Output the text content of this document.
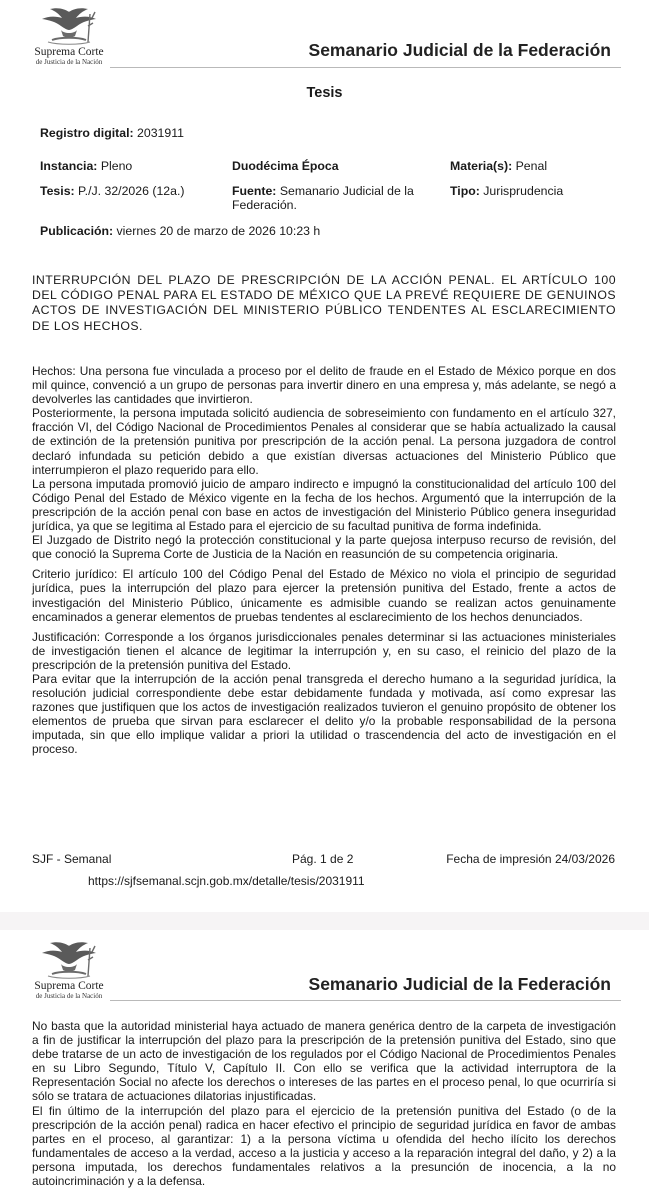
Suprema Corte
de Justicia de la Nación
Semanario Judicial de la Federación
Tesis
Registro digital: 2031911
Instancia: Pleno	Duodécima Época	Materia(s): Penal
Tesis: P./J. 32/2026 (12a.)	Fuente: Semanario Judicial de la Federación.
Tipo: Jurisprudencia
Publicación: viernes 20 de marzo de 2026 10:23 h
INTERRUPCIÓN DEL PLAZO DE PRESCRIPCIÓN DE LA ACCIÓN PENAL. EL ARTÍCULO 100 DEL CÓDIGO PENAL PARA EL ESTADO DE MÉXICO QUE LA PREVÉ REQUIERE DE GENUINOS ACTOS DE INVESTIGACIÓN DEL MINISTERIO PÚBLICO TENDENTES AL ESCLARECIMIENTO DE LOS HECHOS.

Hechos: Una persona fue vinculada a proceso por el delito de fraude en el Estado de México porque en dos mil quince, convenció a un grupo de personas para invertir dinero en una empresa y, más adelante, se negó a devolverles las cantidades que invirtieron.

Posteriormente, la persona imputada solicitó audiencia de sobreseimiento con fundamento en el artículo 327, fracción VI, del Código Nacional de Procedimientos Penales al considerar que se había actualizado la causal de extinción de la pretensión punitiva por prescripción de la acción penal. La persona juzgadora de control declaró infundada su petición debido a que existían diversas actuaciones del Ministerio Público que interrumpieron el plazo requerido para ello.

La persona imputada promovió juicio de amparo indirecto e impugnó la constitucionalidad del artículo 100 del Código Penal del Estado de México vigente en la fecha de los hechos. Argumentó que la interrupción de la prescripción de la acción penal con base en actos de investigación del Ministerio Público genera inseguridad jurídica, ya que se legitima al Estado para el ejercicio de su facultad punitiva de forma indefinida.

El Juzgado de Distrito negó la protección constitucional y la parte quejosa interpuso recurso de revisión, del que conoció la Suprema Corte de Justicia de la Nación en reasunción de su competencia originaria.

Criterio jurídico: El artículo 100 del Código Penal del Estado de México no viola el principio de seguridad jurídica, pues la interrupción del plazo para ejercer la pretensión punitiva del Estado, frente a actos de investigación del Ministerio Público, únicamente es admisible cuando se realizan actos genuinamente encaminados a generar elementos de pruebas tendentes al esclarecimiento de los hechos denunciados.

Justificación: Corresponde a los órganos jurisdiccionales penales determinar si las actuaciones ministeriales de investigación tienen el alcance de legitimar la interrupción y, en su caso, el reinicio del plazo de la prescripción de la pretensión punitiva del Estado.

Para evitar que la interrupción de la acción penal transgreda el derecho humano a la seguridad jurídica, la resolución judicial correspondiente debe estar debidamente fundada y motivada, así como expresar las razones que justifiquen que los actos de investigación realizados tuvieron el genuino propósito de obtener los elementos de prueba que sirvan para esclarecer el delito y/o la probable responsabilidad de la persona imputada, sin que ello implique validar a priori la utilidad o trascendencia del acto de investigación en el proceso.

SJF - Semanal	Pág. 1 de 2	Fecha de impresión 24/03/2026
https://sjfsemanal.scjn.gob.mx/detalle/tesis/2031911
Suprema Corte
de Justicia de la Nación
Semanario Judicial de la Federación

No basta que la autoridad ministerial haya actuado de manera genérica dentro de la carpeta de investigación a fin de justificar la interrupción del plazo para la prescripción de la pretensión punitiva del Estado, sino que debe tratarse de un acto de investigación de los regulados por el Código Nacional de Procedimientos Penales en su Libro Segundo, Título V, Capítulo II. Con ello se verifica que la actividad interruptora de la Representación Social no afecte los derechos o intereses de las partes en el proceso penal, lo que ocurriría si sólo se tratara de actuaciones dilatorias injustificadas.

El fin último de la interrupción del plazo para el ejercicio de la pretensión punitiva del Estado (o de la prescripción de la acción penal) radica en hacer efectivo el principio de seguridad jurídica en favor de ambas partes en el proceso, al garantizar: 1) a la persona víctima u ofendida del hecho ilícito los derechos fundamentales de acceso a la verdad, acceso a la justicia y acceso a la reparación integral del daño, y 2) a la persona imputada, los derechos fundamentales relativos a la presunción de inocencia, a la no autoincriminación y a la defensa.
